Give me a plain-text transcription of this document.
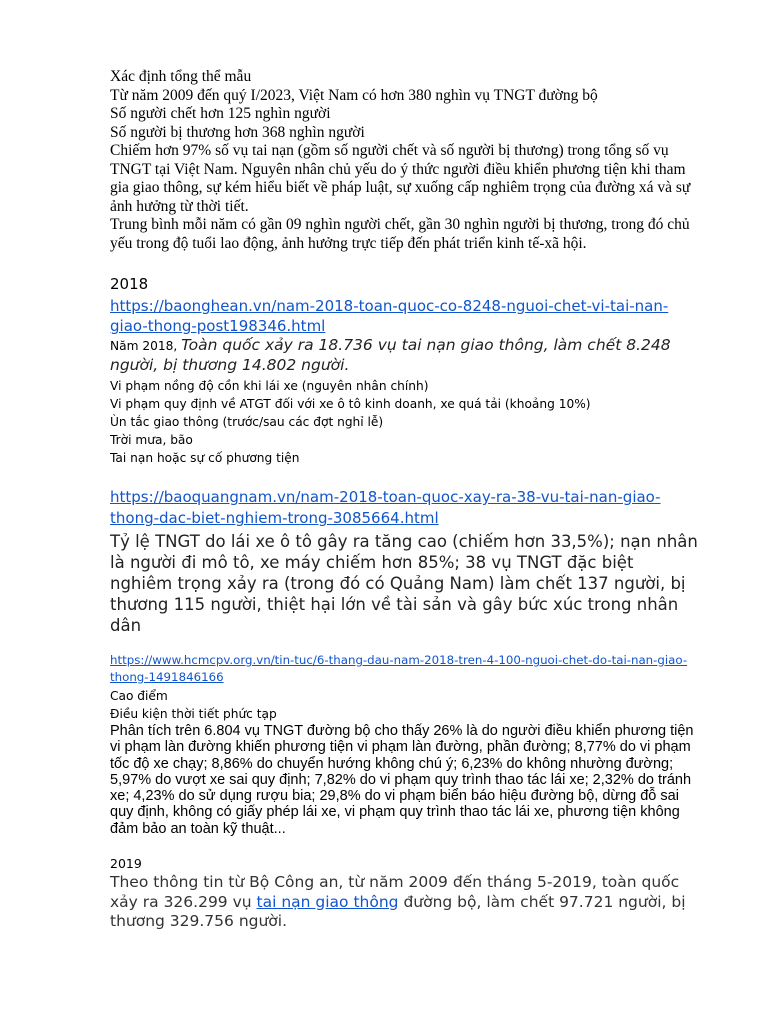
Xác định tổng thể mẫu

Từ năm 2009 đến quý I/2023, Việt Nam có hơn 380 nghìn vụ TNGT đường bộ

Số người chết hơn 125 nghìn người

Số người bị thương hơn 368 nghìn người

Chiếm hơn 97% số vụ tai nạn (gồm số người chết và số người bị thương) trong tổng số vụ TNGT tại Việt Nam. Nguyên nhân chủ yếu do ý thức người điều khiển phương tiện khi tham gia giao thông, sự kém hiểu biết về pháp luật, sự xuống cấp nghiêm trọng của đường xá và sự ảnh hưởng từ thời tiết.

Trung bình mỗi năm có gần 09 nghìn người chết, gần 30 nghìn người bị thương, trong đó chủ yếu trong độ tuổi lao động, ảnh hưởng trực tiếp đến phát triển kinh tế-xã hội.

2018

https://baonghean.vn/nam-2018-toan-quoc-co-8248-nguoi-chet-vi-tai-nan-giao-thong-post198346.html

Năm 2018, Toàn quốc xảy ra 18.736 vụ tai nạn giao thông, làm chết 8.248 người, bị thương 14.802 người.

Vi phạm nồng độ cồn khi lái xe (nguyên nhân chính)

Vi phạm quy định về ATGT đối với xe ô tô kinh doanh, xe quá tải (khoảng 10%)

Ùn tắc giao thông (trước/sau các đợt nghỉ lễ)

Trời mưa, bão

Tai nạn hoặc sự cố phương tiện

https://baoquangnam.vn/nam-2018-toan-quoc-xay-ra-38-vu-tai-nan-giao-thong-dac-biet-nghiem-trong-3085664.html

Tỷ lệ TNGT do lái xe ô tô gây ra tăng cao (chiếm hơn 33,5%); nạn nhân là người đi mô tô, xe máy chiếm hơn 85%; 38 vụ TNGT đặc biệt nghiêm trọng xảy ra (trong đó có Quảng Nam) làm chết 137 người, bị thương 115 người, thiệt hại lớn về tài sản và gây bức xúc trong nhân dân

https://www.hcmcpv.org.vn/tin-tuc/6-thang-dau-nam-2018-tren-4-100-nguoi-chet-do-tai-nan-giao-thong-1491846166

Cao điểm

Điều kiện thời tiết phức tạp

Phân tích trên 6.804 vụ TNGT đường bộ cho thấy 26% là do người điều khiển phương tiện vi phạm làn đường khiến phương tiện vi phạm làn đường, phần đường; 8,77% do vi phạm tốc độ xe chạy; 8,86% do chuyển hướng không chú ý; 6,23% do không nhường đường; 5,97% do vượt xe sai quy định; 7,82% do vi phạm quy trình thao tác lái xe; 2,32% do tránh xe; 4,23% do sử dụng rượu bia; 29,8% do vi phạm biển báo hiệu đường bộ, dừng đỗ sai quy định, không có giấy phép lái xe, vi phạm quy trình thao tác lái xe, phương tiện không đảm bảo an toàn kỹ thuật...

2019

Theo thông tin từ Bộ Công an, từ năm 2009 đến tháng 5-2019, toàn quốc xảy ra 326.299 vụ tai nạn giao thông đường bộ, làm chết 97.721 người, bị thương 329.756 người.
